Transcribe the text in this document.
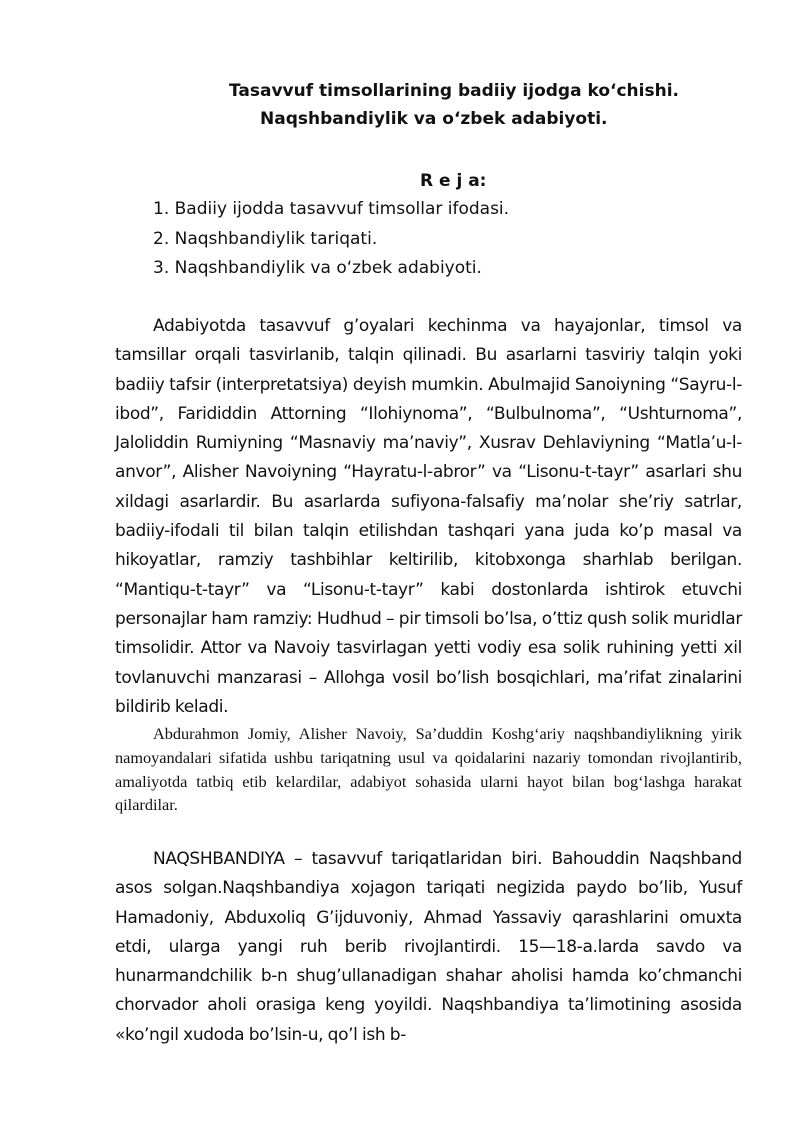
Tasavvuf timsollarining badiiy ijodga ko‘chishi.
Naqshbandiylik va o‘zbek adabiyoti.
R e j a:
1. Badiiy ijodda tasavvuf timsollar ifodasi.
2. Naqshbandiylik tariqati.
3. Naqshbandiylik va o‘zbek adabiyoti.

Adabiyotda tasavvuf g’oyalari kechinma va hayajonlar, timsol va tamsillar orqali tasvirlanib, talqin qilinadi. Bu asarlarni tasviriy talqin yoki badiiy tafsir (interpretatsiya) deyish mumkin. Abulmajid Sanoiyning “Sayru-l-ibod”, Farididdin Attorning “Ilohiynoma”, “Bulbulnoma”, “Ushturnoma”, Jaloliddin Rumiyning “Masnaviy ma’naviy”, Xusrav Dehlaviyning “Matla’u-l-anvor”, Alisher Navoiyning “Hayratu-l-abror” va “Lisonu-t-tayr” asarlari shu xildagi asarlardir. Bu asarlarda sufiyona-falsafiy ma’nolar she’riy satrlar, badiiy-ifodali til bilan talqin etilishdan tashqari yana juda ko’p masal va hikoyatlar, ramziy tashbihlar keltirilib, kitobxonga sharhlab berilgan. “Mantiqu-t-tayr” va “Lisonu-t-tayr” kabi dostonlarda ishtirok etuvchi personajlar ham ramziy: Hudhud – pir timsoli bo’lsa, o’ttiz qush solik muridlar timsolidir. Attor va Navoiy tasvirlagan yetti vodiy esa solik ruhining yetti xil tovlanuvchi manzarasi – Allohga vosil bo’lish bosqichlari, ma’rifat zinalarini bildirib keladi.

Abdurahmon Jomiy, Alisher Navoiy, Sa’duddin Koshg‘ariy naqshbandiylikning yirik namoyandalari sifatida ushbu tariqatning usul va qoidalarini nazariy tomondan rivojlantirib, amaliyotda tatbiq etib kelardilar, adabiyot sohasida ularni hayot bilan bog‘lashga harakat qilardilar.

NAQSHBANDIYA – tasavvuf tariqatlaridan biri. Bahouddin Naqshband asos solgan.Naqshbandiya xojagon tariqati negizida paydo bo’lib, Yusuf Hamadoniy, Abduxoliq G’ijduvoniy, Ahmad Yassaviy qarashlarini omuxta etdi, ularga yangi ruh berib rivojlantirdi. 15—18-a.larda savdo va hunarmandchilik b-n shug’ullanadigan shahar aholisi hamda ko’chmanchi chorvador aholi orasiga keng yoyildi. Naqshbandiya ta’limotining asosida «ko’ngil xudoda bo’lsin-u, qo’l ish b-
